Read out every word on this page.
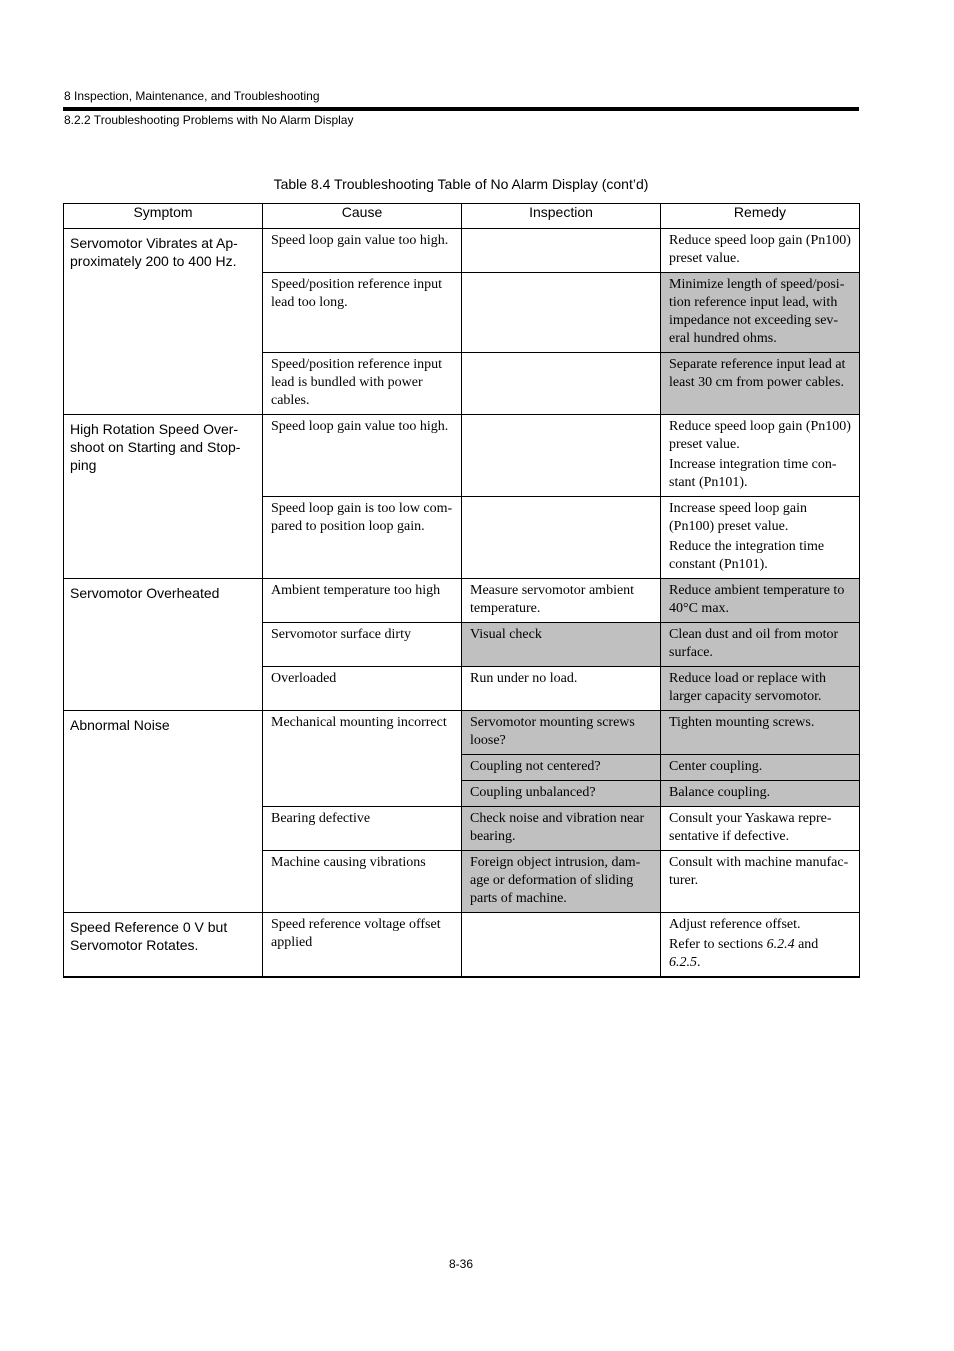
8 Inspection, Maintenance, and Troubleshooting
8.2.2 Troubleshooting Problems with No Alarm Display
Table 8.4 Troubleshooting Table of No Alarm Display (cont’d)
Symptom	Cause	Inspection	Remedy
Servomotor Vibrates at Ap-proximately 200 to 400 Hz.	Speed loop gain value too high.		Reduce speed loop gain (Pn100) preset value.
	Speed/position reference input lead too long.		Minimize length of speed/posi-tion reference input lead, with impedance not exceeding sev-eral hundred ohms.
	Speed/position reference input lead is bundled with power cables.		Separate reference input lead at least 30 cm from power cables.
High Rotation Speed Over-shoot on Starting and Stop-ping	Speed loop gain value too high.		Reduce speed loop gain (Pn100) preset value.
Increase integration time con-stant (Pn101).

	Speed loop gain is too low com-pared to position loop gain.		Increase speed loop gain (Pn100) preset value.
Reduce the integration time constant (Pn101).

Servomotor Overheated	Ambient temperature too high	Measure servomotor ambient temperature.	Reduce ambient temperature to 40°C max.
	Servomotor surface dirty	Visual check	Clean dust and oil from motor surface.
	Overloaded	Run under no load.	Reduce load or replace with larger capacity servomotor.
Abnormal Noise	Mechanical mounting incorrect	Servomotor mounting screws loose?	Tighten mounting screws.
		Coupling not centered?	Center coupling.
		Coupling unbalanced?	Balance coupling.
	Bearing defective	Check noise and vibration near bearing.	Consult your Yaskawa repre-sentative if defective.
	Machine causing vibrations	Foreign object intrusion, dam-age or deformation of sliding parts of machine.	Consult with machine manufac-turer.
Speed Reference 0 V but Servomotor Rotates.	Speed reference voltage offset applied		Adjust reference offset.
Refer to sections 6.2.4 and 6.2.5.
8-36
